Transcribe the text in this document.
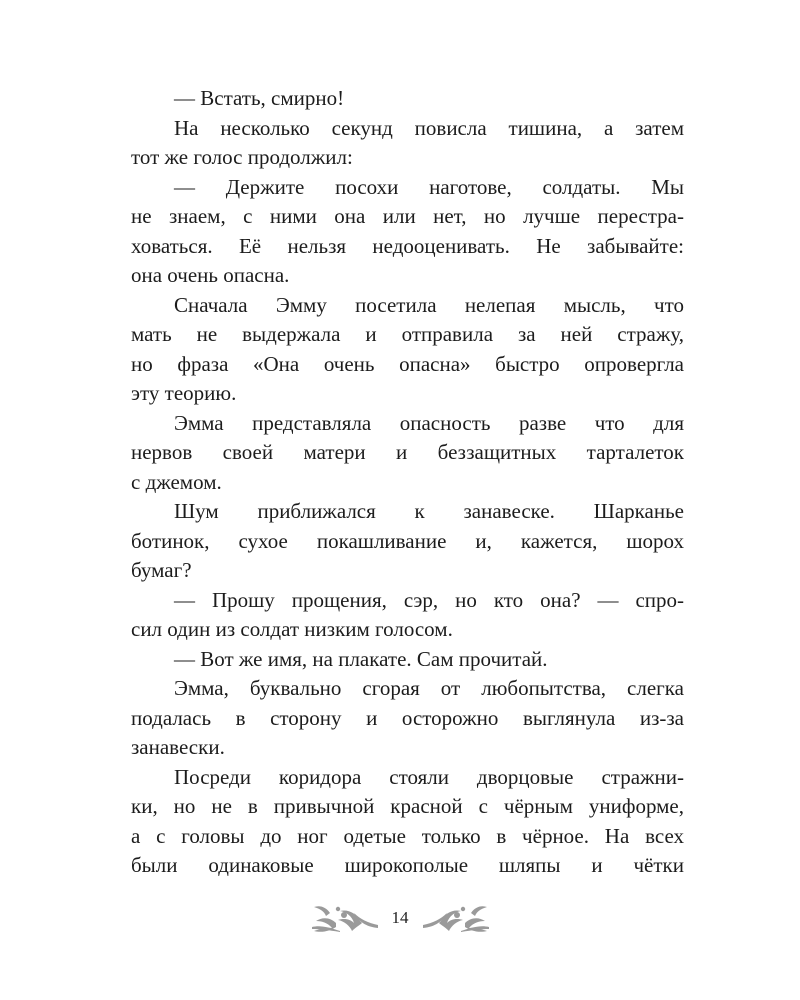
— Встать, смирно!
На несколько секунд повисла тишина, а затем
тот же голос продолжил:
— Держите посохи наготове, солдаты. Мы
не знаем, с ними она или нет, но лучше перестра-
ховаться. Её нельзя недооценивать. Не забывайте:
она очень опасна.
Сначала Эмму посетила нелепая мысль, что
мать не выдержала и отправила за ней стражу,
но фраза «Она очень опасна» быстро опровергла
эту теорию.
Эмма представляла опасность разве что для
нервов своей матери и беззащитных тарталеток
с джемом.
Шум приближался к занавеске. Шарканье
ботинок, сухое покашливание и, кажется, шорох
бумаг?
— Прошу прощения, сэр, но кто она? — спро-
сил один из солдат низким голосом.
— Вот же имя, на плакате. Сам прочитай.
Эмма, буквально сгорая от любопытства, слегка
подалась в сторону и осторожно выглянула из-за
занавески.
Посреди коридора стояли дворцовые стражни-
ки, но не в привычной красной с чёрным униформе,
а с головы до ног одетые только в чёрное. На всех
были одинаковые широкополые шляпы и чётки
14
